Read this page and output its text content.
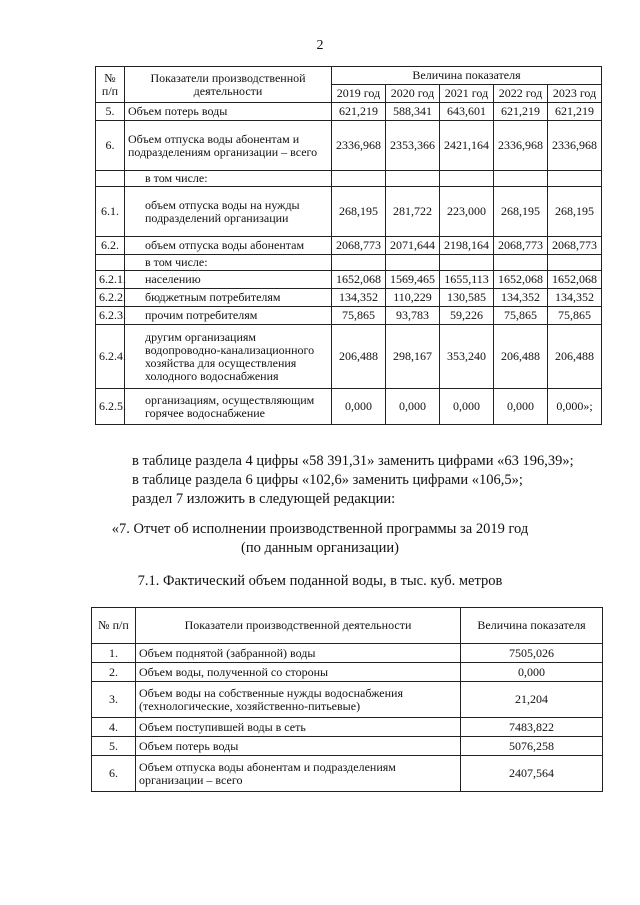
2
№ п/п	Показатели производственной деятельности	Величина показателя				
		2019 год	2020 год	2021 год	2022 год	2023 год
5.	Объем потерь воды	621,219	588,341	643,601	621,219	621,219
6.	Объем отпуска воды абонентам и подразделениям организации – всего	2336,968	2353,366	2421,164	2336,968	2336,968
	в том числе:					
6.1.	объем отпуска воды на нужды подразделений организации	268,195	281,722	223,000	268,195	268,195
6.2.	объем отпуска воды абонентам	2068,773	2071,644	2198,164	2068,773	2068,773
	в том числе:					
6.2.1.	населению	1652,068	1569,465	1655,113	1652,068	1652,068
6.2.2.	бюджетным потребителям	134,352	110,229	130,585	134,352	134,352
6.2.3.	прочим потребителям	75,865	93,783	59,226	75,865	75,865
6.2.4.	другим организациям водопроводно-канализационного хозяйства для осуществления холодного водоснабжения	206,488	298,167	353,240	206,488	206,488
6.2.5.	организациям, осуществляющим горячее водоснабжение	0,000	0,000	0,000	0,000	0,000»;
в таблице раздела 4 цифры «58 391,31» заменить цифрами «63 196,39»;
в таблице раздела 6 цифры «102,6» заменить цифрами «106,5»;
раздел 7 изложить в следующей редакции:
«7. Отчет об исполнении производственной программы за 2019 год
(по данным организации)
7.1. Фактический объем поданной воды, в тыс. куб. метров
№ п/п	Показатели производственной деятельности	Величина показателя
1.	Объем поднятой (забранной) воды	7505,026
2.	Объем воды, полученной со стороны	0,000
3.	Объем воды на собственные нужды водоснабжения (технологические, хозяйственно-питьевые)	21,204
4.	Объем поступившей воды в сеть	7483,822
5.	Объем потерь воды	5076,258
6.	Объем отпуска воды абонентам и подразделениям организации – всего	2407,564
